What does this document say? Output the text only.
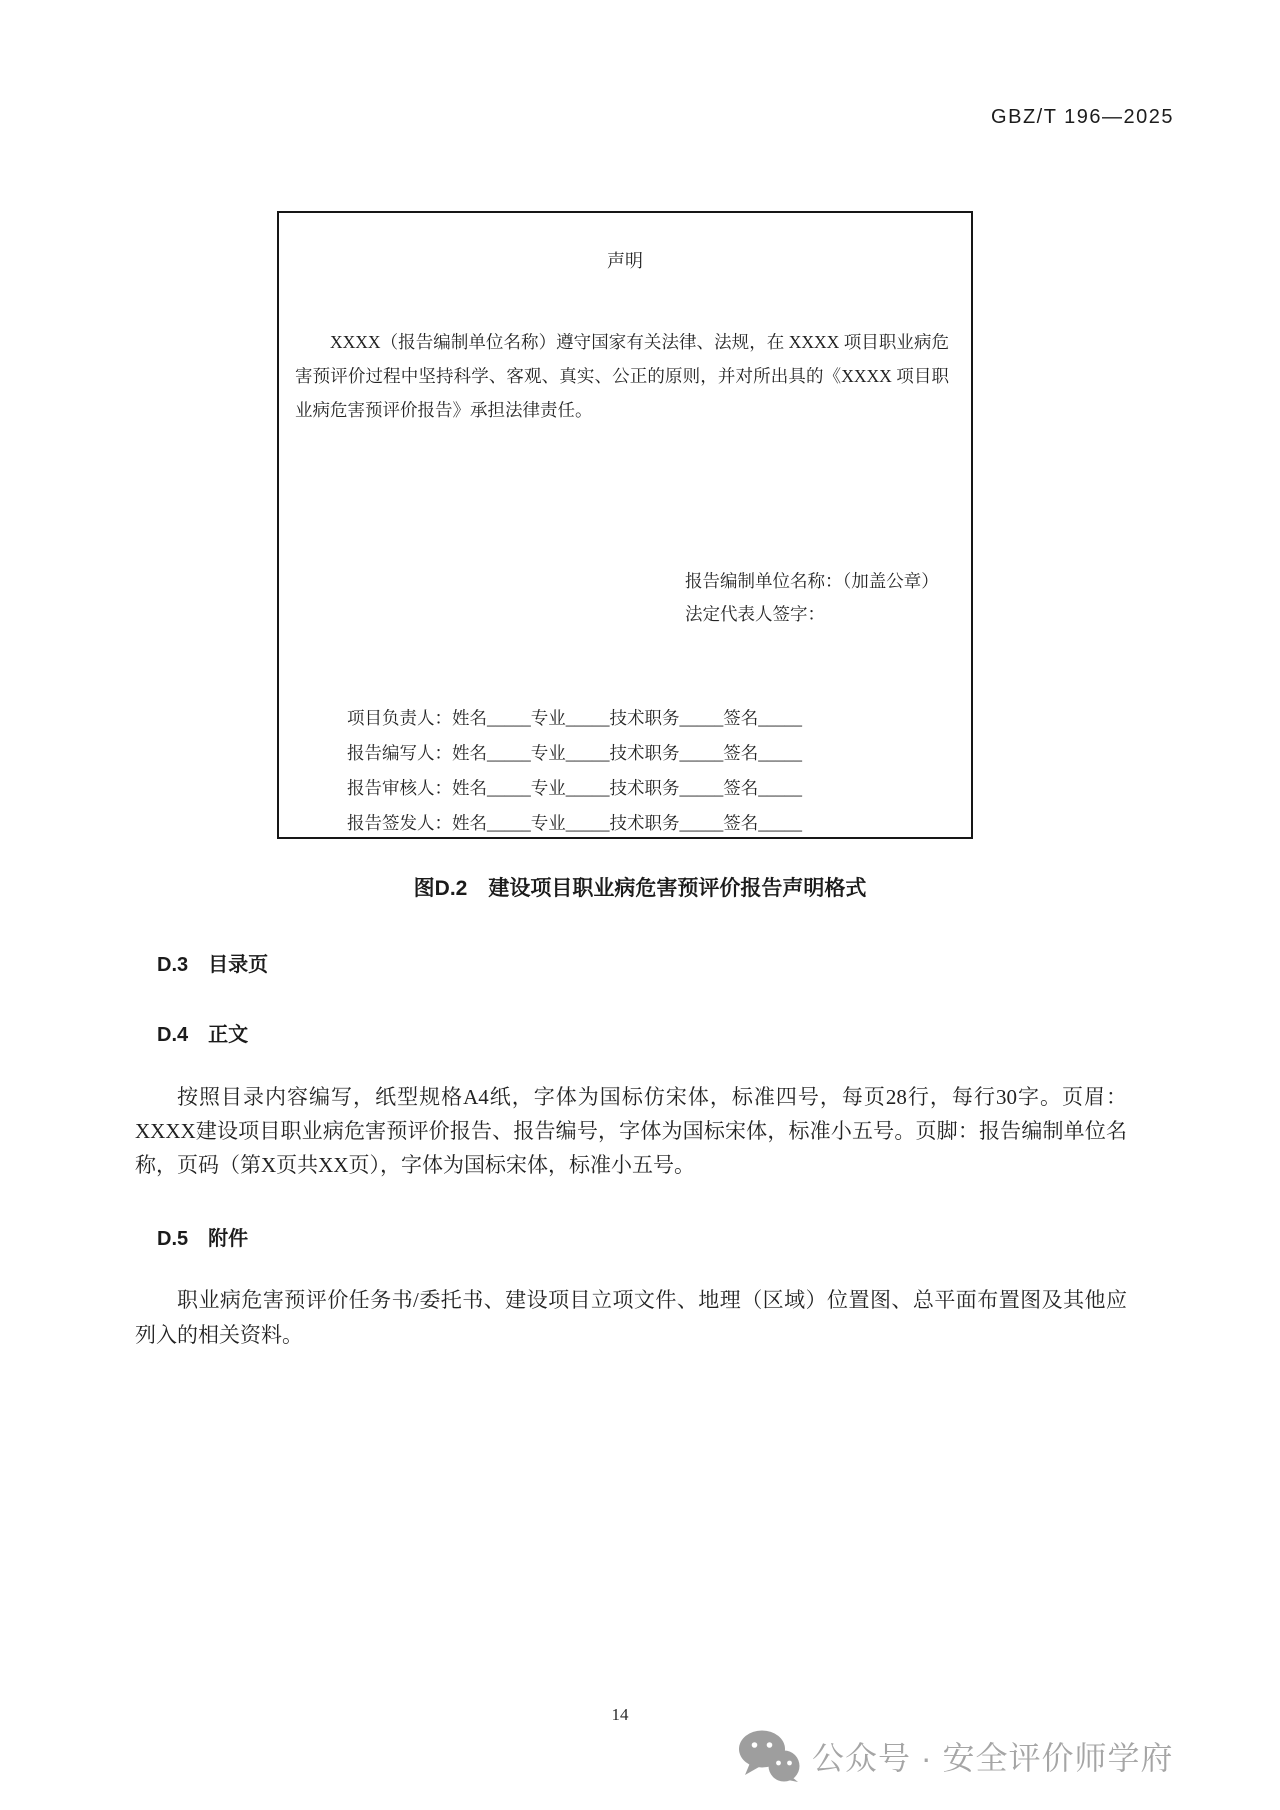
GBZ/T 196—2025
声明

XXXX（报告编制单位名称）遵守国家有关法律、法规，在 XXXX 项目职业病危害预评价过程中坚持科学、客观、真实、公正的原则，并对所出具的《XXXX 项目职业病危害预评价报告》承担法律责任。

报告编制单位名称：（加盖公章）
法定代表人签字：
项目负责人：姓名_____专业_____技术职务_____签名_____
报告编写人：姓名_____专业_____技术职务_____签名_____
报告审核人：姓名_____专业_____技术职务_____签名_____
报告签发人：姓名_____专业_____技术职务_____签名_____
图D.2　建设项目职业病危害预评价报告声明格式
D.3　目录页
D.4　正文

按照目录内容编写，纸型规格A4纸，字体为国标仿宋体，标准四号，每页28行，每行30字。页眉：XXXX建设项目职业病危害预评价报告、报告编号，字体为国标宋体，标准小五号。页脚：报告编制单位名称，页码（第X页共XX页），字体为国标宋体，标准小五号。

D.5　附件

职业病危害预评价任务书/委托书、建设项目立项文件、地理（区域）位置图、总平面布置图及其他应列入的相关资料。

14
公众号 · 安全评价师学府
